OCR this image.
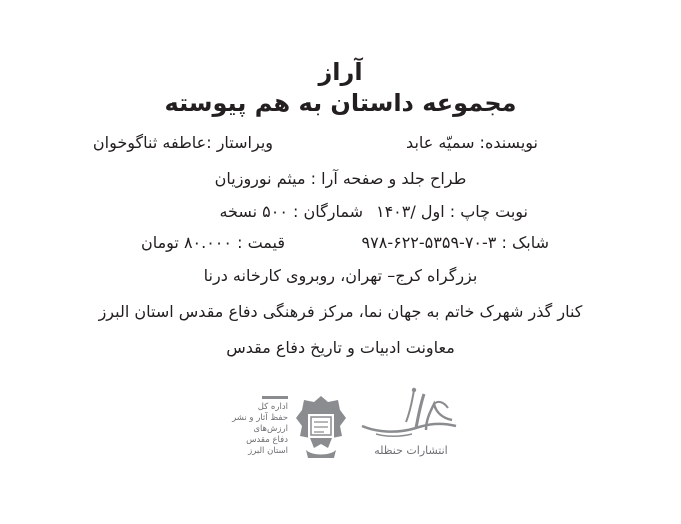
آراز
مجموعه داستان به هم پیوسته
نویسنده: سمیّه عابد
ویراستار :عاطفه ثناگوخوان
طراح جلد و صفحه آرا : میثم نوروزیان
نوبت چاپ : اول /۱۴۰۳
شمارگان : ۵۰۰ نسخه
شابک : ۳-۷۰-۵۳۵۹-۶۲۲-۹۷۸
قیمت : ۸۰.۰۰۰ تومان
بزرگراه کرج– تهران، روبروی کارخانه درنا
کنار گذر شهرک خاتم به جهان نما، مرکز فرهنگی دفاع مقدس استان البرز
معاونت ادبیات و تاریخ دفاع مقدس
انتشارات حنظله
اداره کل
حفظ آثار و نشر
ارزش‌های
دفاع مقدس
استان البرز
